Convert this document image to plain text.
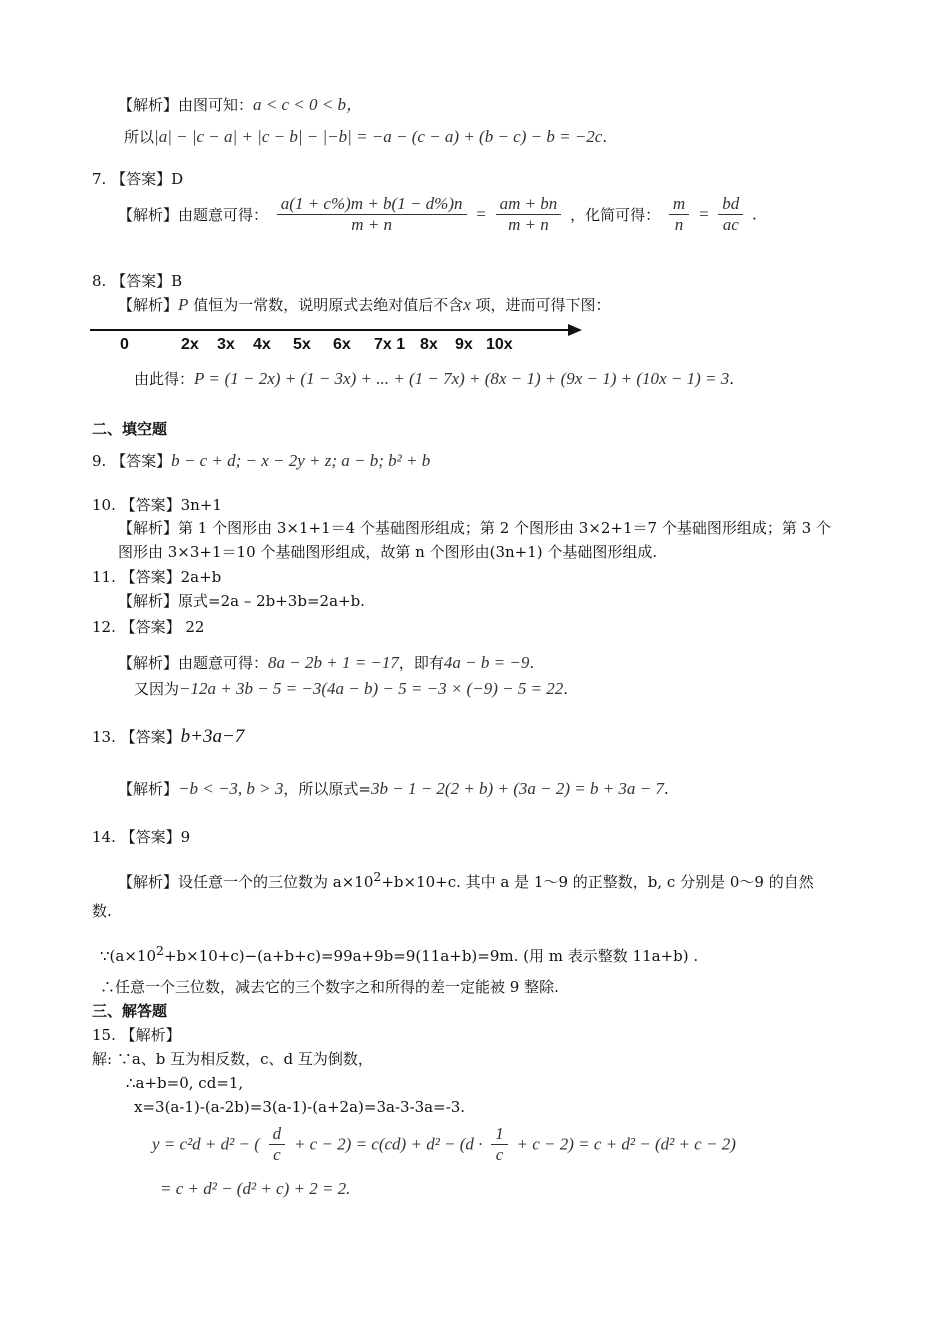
【解析】由图可知：a < c < 0 < b，
所以|a| − |c − a| + |c − b| − |−b| = −a − (c − a) + (b − c) − b = −2c.
7. 【答案】D
【解析】由题意可得： $\frac{a(1 + c\%)m + b(1 - d\%)n}{m + n} = \frac{am + bn}{m + n}$ ，化简可得： $\frac{m}{n} = \frac{bd}{ac}$ .
8. 【答案】B
【解析】P 值恒为一常数，说明原式去绝对值后不含x 项，进而可得下图：
0	2x 3x 4x 5x 6x 7x 1 8x 9x 10x
由此得：P = (1 − 2x) + (1 − 3x) + ... + (1 − 7x) + (8x − 1) + (9x − 1) + (10x − 1) = 3.
二、填空题
9. 【答案】b − c + d; − x − 2y + z; a − b; b² + b
10. 【答案】3n+1
【解析】第 1 个图形由 3×1+1＝4 个基础图形组成；第 2 个图形由 3×2+1＝7 个基础图形组成；第 3 个
图形由 3×3+1＝10 个基础图形组成，故第 n 个图形由(3n+1) 个基础图形组成.
11. 【答案】2a+b
【解析】原式=2a – 2b+3b=2a+b.
12. 【答案】 22
【解析】由题意可得：8a − 2b + 1 = −17，即有4a − b = −9.
又因为−12a + 3b − 5 = −3(4a − b) − 5 = −3 × (−9) − 5 = 22.
13. 【答案】b+3a−7
【解析】−b < −3, b > 3，所以原式=3b − 1 − 2(2 + b) + (3a − 2) = b + 3a − 7.
14. 【答案】9
【解析】设任意一个的三位数为 $a\times 10^2+b\times 10+c$. 其中 a 是 1～9 的正整数，b, c 分别是 0～9 的自然
数.
$\because(a\times 10^2+b\times 10+c)-(a+b+c)=99a+9b=9(11a+b)=9m$. (用 m 表示整数 11a+b) .
∴任意一个三位数，减去它的三个数字之和所得的差一定能被 9 整除.
三、解答题
15. 【解析】
解: ∵a、b 互为相反数，c、d 互为倒数，
∴a+b=0, cd=1,
x=3(a-1)-(a-2b)=3(a-1)-(a+2a)=3a-3-3a=-3.
y = c²d + d² − ( $\frac{d}{c} + c - 2) = c(cd) + d^2 - (d \cdot \frac{1}{c} + c - 2) = c + d^2 - (d^2 + c - 2)$
= c + d² − (d² + c) + 2 = 2.
